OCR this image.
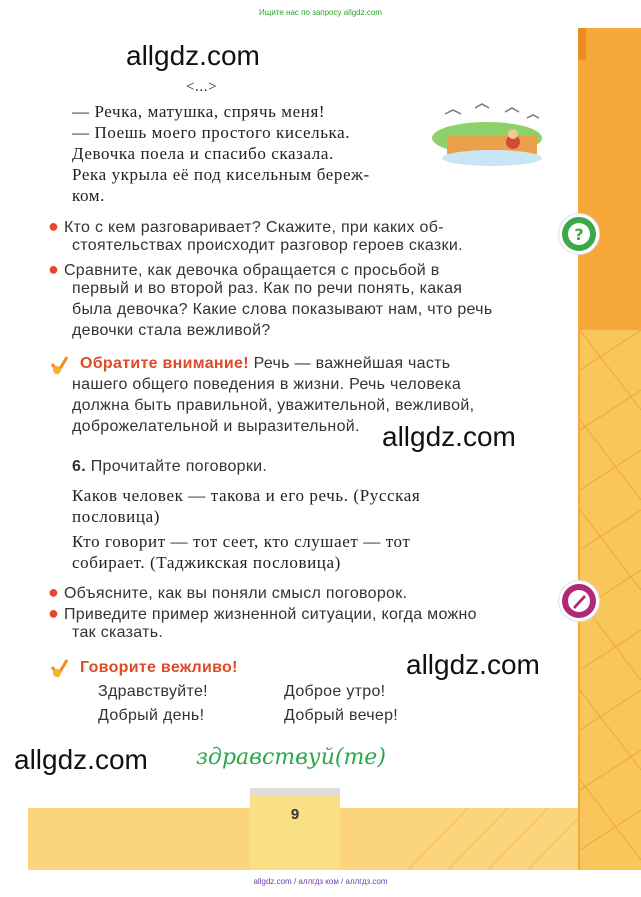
Ищите нас по запросу allgdz.com
9
allgdz.com
allgdz.com
allgdz.com
allgdz.com
<...>
— Речка, матушка, спрячь меня!
— Поешь моего простого киселька.
Девочка поела и спасибо сказала.
Река укрыла её под кисельным береж-
ком.
● Кто с кем разговаривает? Скажите, при каких об-
стоятельствах происходит разговор героев сказки.
● Сравните, как девочка обращается с просьбой в
первый и во второй раз. Как по речи понять, какая
была девочка? Какие слова показывают нам, что речь
девочки стала вежливой?
?
Обратите внимание! Речь — важнейшая часть
нашего общего поведения в жизни. Речь человека
должна быть правильной, уважительной, вежливой,
доброжелательной и выразительной.
6. Прочитайте поговорки.
Каков человек — такова и его речь. (Русская
пословица)
Кто говорит — тот сеет, кто слушает — тот
собирает. (Таджикская пословица)
● Объясните, как вы поняли смысл поговорок.
● Приведите пример жизненной ситуации, когда можно
так сказать.
Говорите вежливо!
Здравствуйте!	Доброе утро!
Добрый день!	Добрый вечер!
здравствуй(те)
allgdz.com / аллгдз ком / аллгдз.com
